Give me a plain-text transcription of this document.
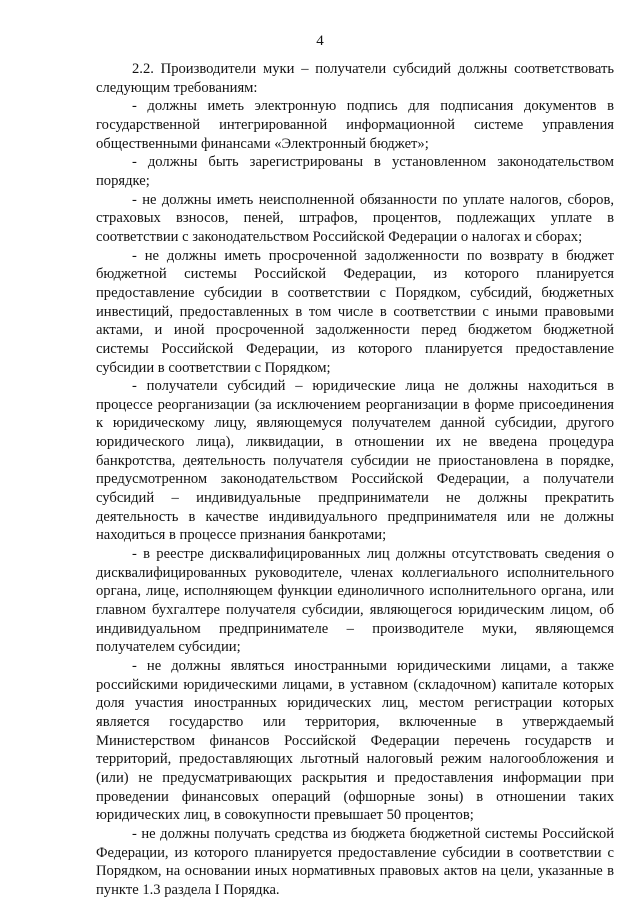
4

2.2. Производители муки – получатели субсидий должны соответствовать следующим требованиям:

- должны иметь электронную подпись для подписания документов в государственной интегрированной информационной системе управления общественными финансами «Электронный бюджет»;

- должны быть зарегистрированы в установленном законодательством порядке;

- не должны иметь неисполненной обязанности по уплате налогов, сборов, страховых взносов, пеней, штрафов, процентов, подлежащих уплате в соответствии с законодательством Российской Федерации о налогах и сборах;

- не должны иметь просроченной задолженности по возврату в бюджет бюджетной системы Российской Федерации, из которого планируется предоставление субсидии в соответствии с Порядком, субсидий, бюджетных инвестиций, предоставленных в том числе в соответствии с иными правовыми актами, и иной просроченной задолженности перед бюджетом бюджетной системы Российской Федерации, из которого планируется предоставление субсидии в соответствии с Порядком;

- получатели субсидий – юридические лица не должны находиться в процессе реорганизации (за исключением реорганизации в форме присоединения к юридическому лицу, являющемуся получателем данной субсидии, другого юридического лица), ликвидации, в отношении их не введена процедура банкротства, деятельность получателя субсидии не приостановлена в порядке, предусмотренном законодательством Российской Федерации, а получатели субсидий – индивидуальные предприниматели не должны прекратить деятельность в качестве индивидуального предпринимателя или не должны находиться в процессе признания банкротами;

- в реестре дисквалифицированных лиц должны отсутствовать сведения о дисквалифицированных руководителе, членах коллегиального исполнительного органа, лице, исполняющем функции единоличного исполнительного органа, или главном бухгалтере получателя субсидии, являющегося юридическим лицом, об индивидуальном предпринимателе – производителе муки, являющемся получателем субсидии;

- не должны являться иностранными юридическими лицами, а также российскими юридическими лицами, в уставном (складочном) капитале которых доля участия иностранных юридических лиц, местом регистрации которых является государство или территория, включенные в утверждаемый Министерством финансов Российской Федерации перечень государств и территорий, предоставляющих льготный налоговый режим налогообложения и (или) не предусматривающих раскрытия и предоставления информации при проведении финансовых операций (офшорные зоны) в отношении таких юридических лиц, в совокупности превышает 50 процентов;

- не должны получать средства из бюджета бюджетной системы Российской Федерации, из которого планируется предоставление субсидии в соответствии с Порядком, на основании иных нормативных правовых актов на цели, указанные в пункте 1.3 раздела I Порядка.
